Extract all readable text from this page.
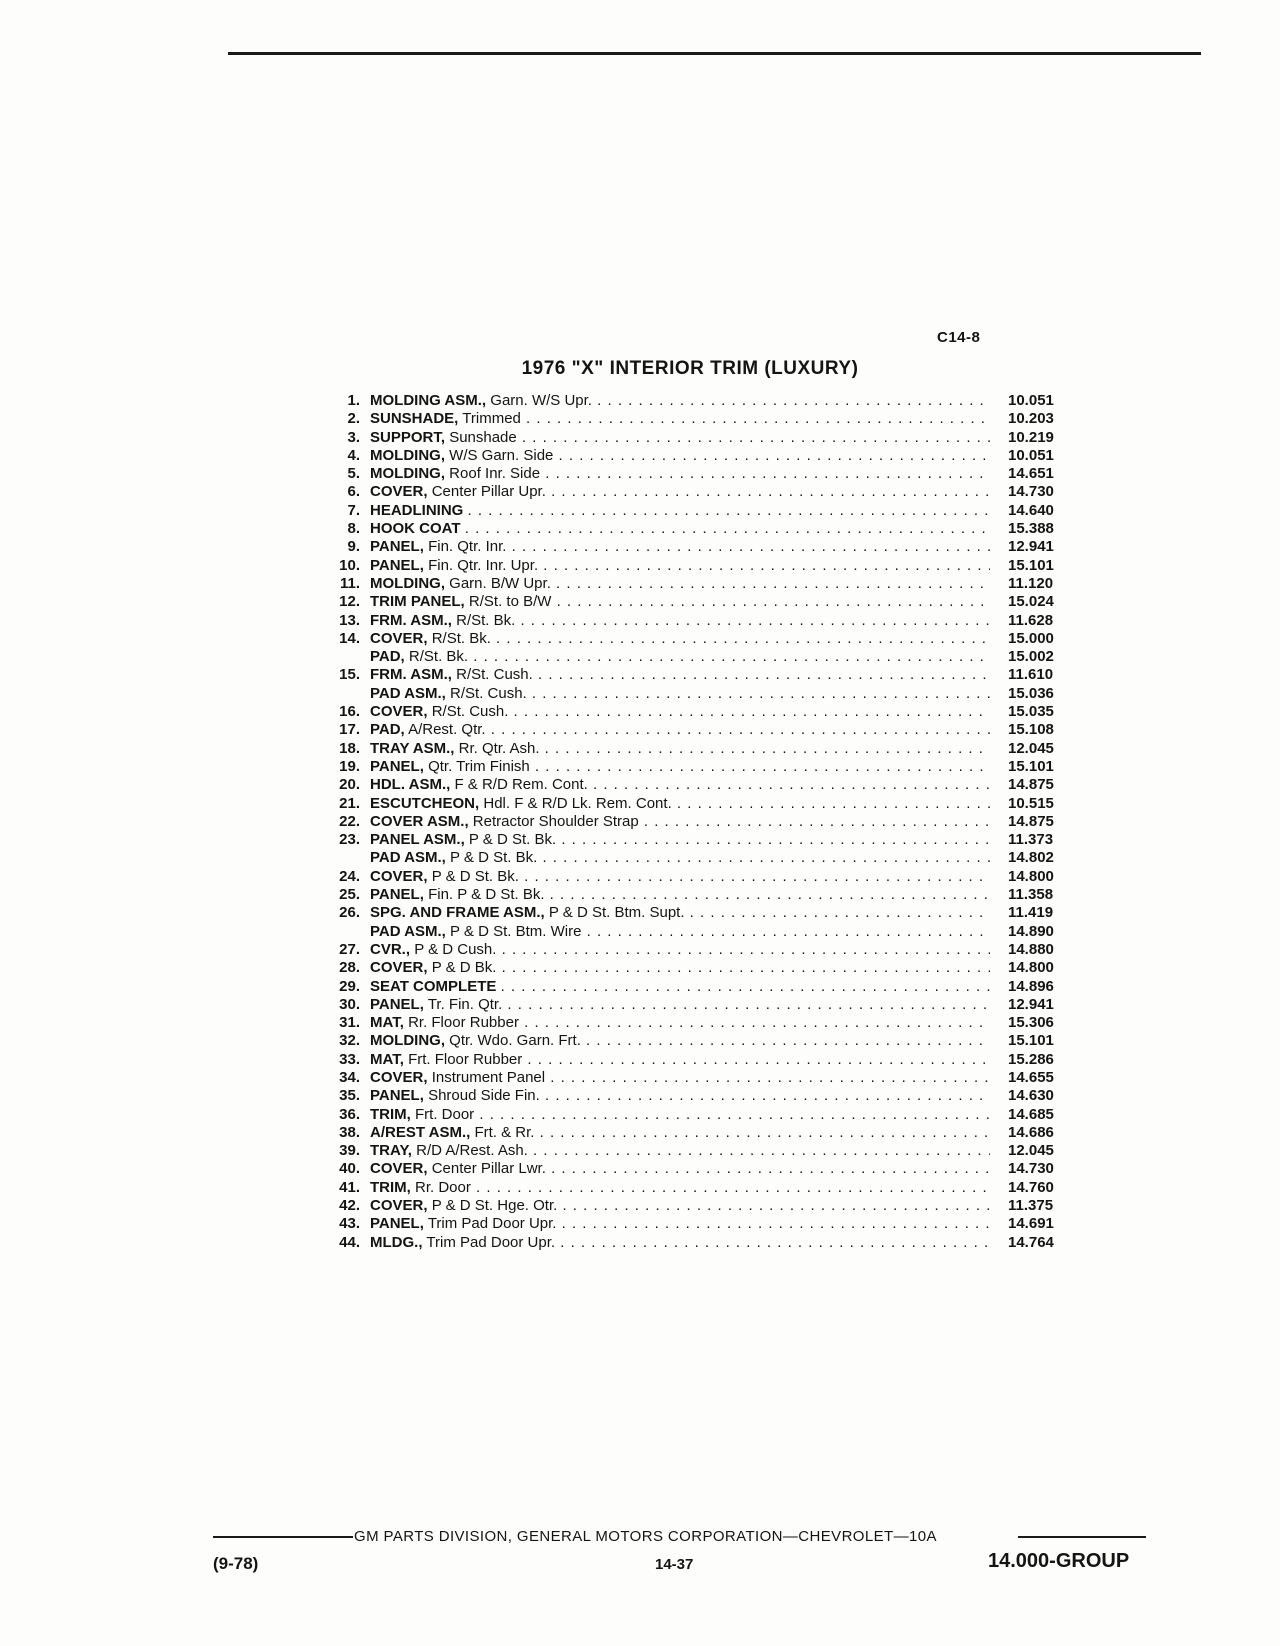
C14-8
1976 "X" INTERIOR TRIM (LUXURY)
1. MOLDING ASM., Garn. W/S Upr. . . .	10.051
2. SUNSHADE, Trimmed . . .	10.203
3. SUPPORT, Sunshade . . .	10.219
4. MOLDING, W/S Garn. Side . . .	10.051
5. MOLDING, Roof Inr. Side . . .	14.651
6. COVER, Center Pillar Upr. . . .	14.730
7. HEADLINING . . .	14.640
8. HOOK COAT . . .	15.388
9. PANEL, Fin. Qtr. Inr. . . .	12.941
10. PANEL, Fin. Qtr. Inr. Upr. . . .	15.101
11. MOLDING, Garn. B/W Upr. . . .	11.120
12. TRIM PANEL, R/St. to B/W . . .	15.024
13. FRM. ASM., R/St. Bk. . . .	11.628
14. COVER, R/St. Bk. . . .	15.000
PAD, R/St. Bk. . . .	15.002
15. FRM. ASM., R/St. Cush. . . .	11.610
PAD ASM., R/St. Cush. . . .	15.036
16. COVER, R/St. Cush. . . .	15.035
17. PAD, A/Rest. Qtr. . . .	15.108
18. TRAY ASM., Rr. Qtr. Ash. . . .	12.045
19. PANEL, Qtr. Trim Finish . . .	15.101
20. HDL. ASM., F & R/D Rem. Cont. . . .	14.875
21. ESCUTCHEON, Hdl. F & R/D Lk. Rem. Cont. . . .	10.515
22. COVER ASM., Retractor Shoulder Strap . . .	14.875
23. PANEL ASM., P & D St. Bk. . . .	11.373
PAD ASM., P & D St. Bk. . . .	14.802
24. COVER, P & D St. Bk. . . .	14.800
25. PANEL, Fin. P & D St. Bk. . . .	11.358
26. SPG. AND FRAME ASM., P & D St. Btm. Supt. . . .	11.419
PAD ASM., P & D St. Btm. Wire . . .	14.890
27. CVR., P & D Cush. . . .	14.880
28. COVER, P & D Bk. . . .	14.800
29. SEAT COMPLETE . . .	14.896
30. PANEL, Tr. Fin. Qtr. . . .	12.941
31. MAT, Rr. Floor Rubber . . .	15.306
32. MOLDING, Qtr. Wdo. Garn. Frt. . . .	15.101
33. MAT, Frt. Floor Rubber . . .	15.286
34. COVER, Instrument Panel . . .	14.655
35. PANEL, Shroud Side Fin. . . .	14.630
36. TRIM, Frt. Door . . .	14.685
38. A/REST ASM., Frt. & Rr. . . .	14.686
39. TRAY, R/D A/Rest. Ash. . . .	12.045
40. COVER, Center Pillar Lwr. . . .	14.730
41. TRIM, Rr. Door . . .	14.760
42. COVER, P & D St. Hge. Otr. . . .	11.375
43. PANEL, Trim Pad Door Upr. . . .	14.691
44. MLDG., Trim Pad Door Upr. . . .	14.764
GM PARTS DIVISION, GENERAL MOTORS CORPORATION—CHEVROLET—10A
(9-78)	14-37	14.000-GROUP
